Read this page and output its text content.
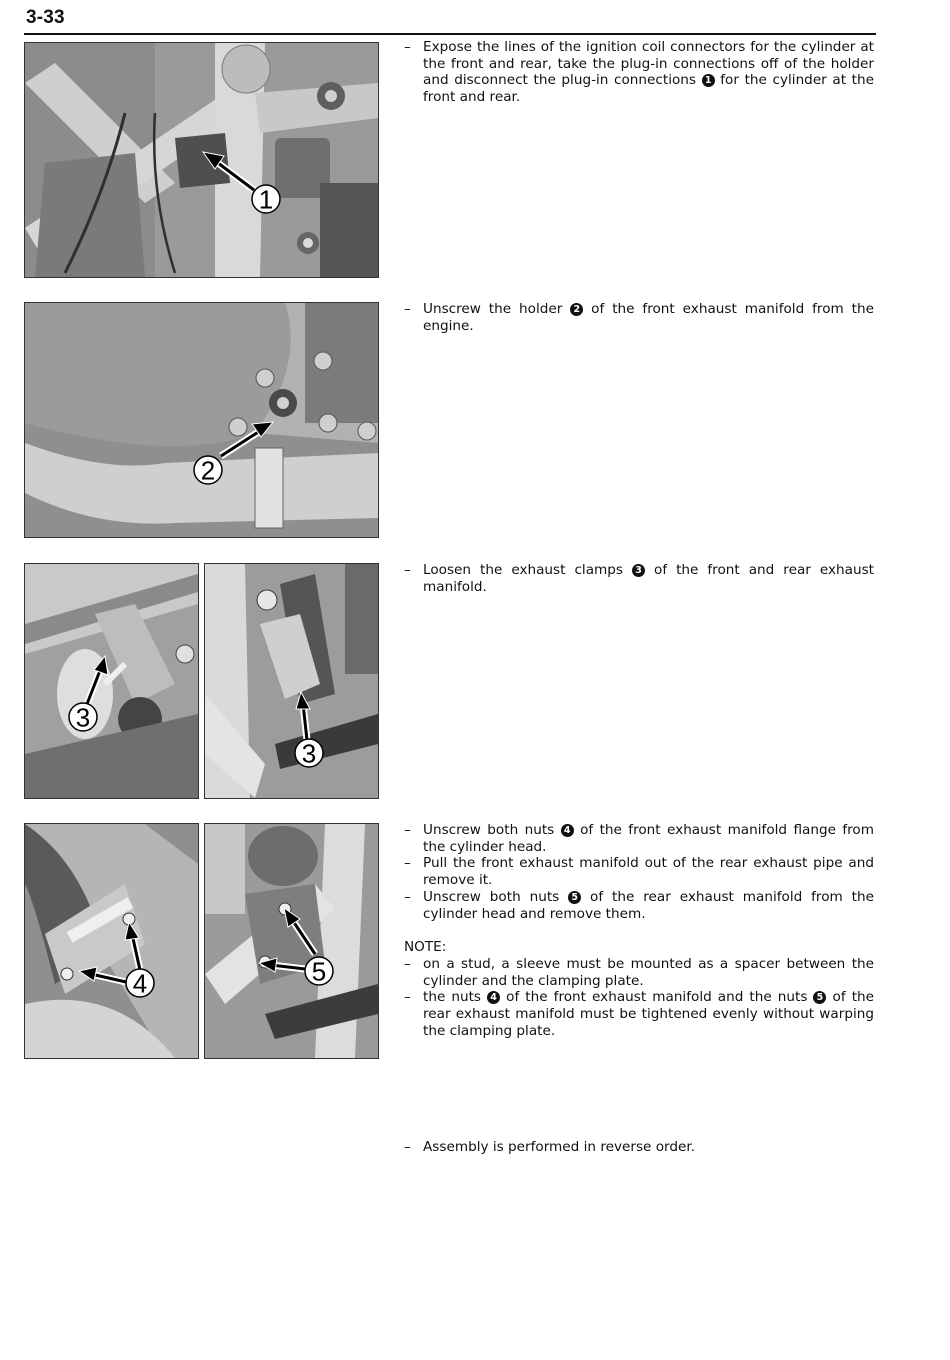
3-33
1
– Expose the lines of the ignition coil connectors for the cylinder at the front and rear, take the plug-in connections off of the holder and disconnect the plug-in connections 1 for the cylinder at the front and rear.
2
– Unscrew the holder 2 of the front exhaust manifold from the engine.
3
3
– Loosen the exhaust clamps 3 of the front and rear exhaust manifold.
4	5
– Unscrew both nuts 4 of the front exhaust manifold flange from the cylinder head.
– Pull the front exhaust manifold out of the rear exhaust pipe and remove it.
– Unscrew both nuts 5 of the rear exhaust manifold from the cylinder head and remove them.
NOTE:
– on a stud, a sleeve must be mounted as a spacer between the cylinder and the clamping plate.
– the nuts 4 of the front exhaust manifold and the nuts 5 of the rear exhaust manifold must be tightened evenly without warping the clamping plate.
– Assembly is performed in reverse order.
